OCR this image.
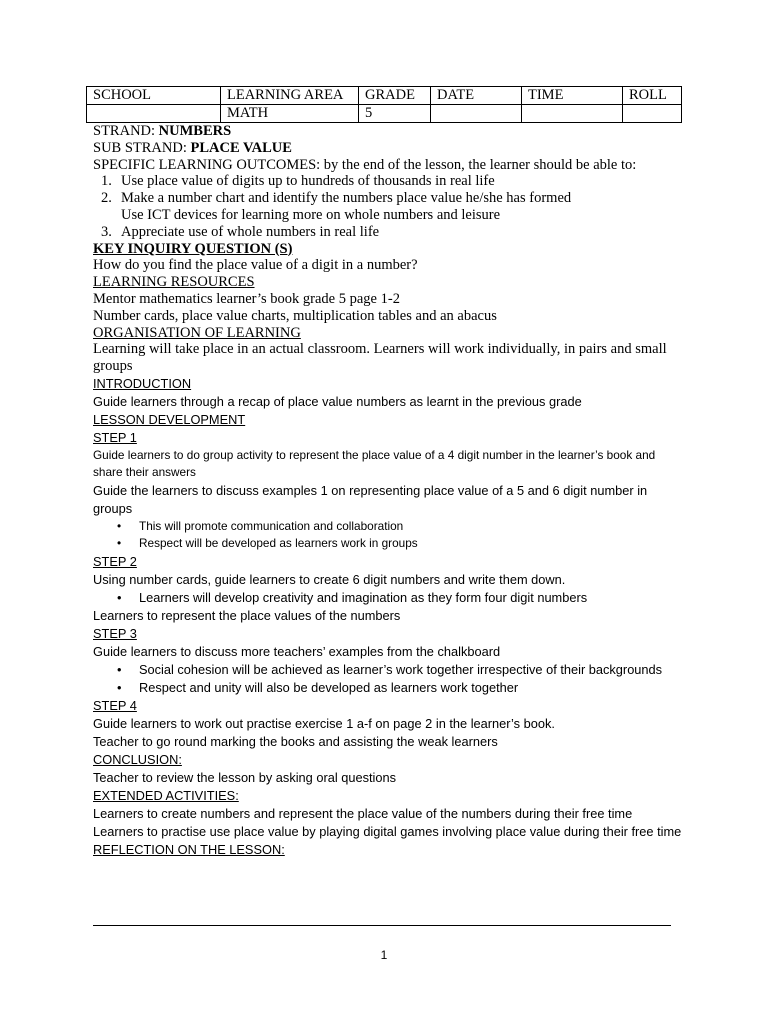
SCHOOL	LEARNING AREA	GRADE	DATE	TIME	ROLL
	MATH	5			

STRAND: NUMBERS

SUB STRAND: PLACE VALUE

SPECIFIC LEARNING OUTCOMES: by the end of the lesson, the learner should be able to:

1. Use place value of digits up to hundreds of thousands in real life
2. Make a number chart and identify the numbers place value he/she has formed
Use ICT devices for learning more on whole numbers and leisure
3. Appreciate use of whole numbers in real life

KEY INQUIRY QUESTION (S)

How do you find the place value of a digit in a number?

LEARNING RESOURCES

Mentor mathematics learner’s book grade 5 page 1-2

Number cards, place value charts, multiplication tables and an abacus

ORGANISATION OF LEARNING

Learning will take place in an actual classroom. Learners will work individually, in pairs and small groups

INTRODUCTION

Guide learners through a recap of place value numbers as learnt in the previous grade

LESSON DEVELOPMENT

STEP 1

Guide learners to do group activity to represent the place value of a 4 digit number in the learner’s book and share their answers

Guide the learners to discuss examples 1 on representing place value of a 5 and 6 digit number in groups

• This will promote communication and collaboration
• Respect will be developed as learners work in groups

STEP 2

Using number cards, guide learners to create 6 digit numbers and write them down.

• Learners will develop creativity and imagination as they form four digit numbers

Learners to represent the place values of the numbers

STEP 3

Guide learners to discuss more teachers’ examples from the chalkboard

• Social cohesion will be achieved as learner’s work together irrespective of their backgrounds
• Respect and unity will also be developed as learners work together

STEP 4

Guide learners to work out practise exercise 1 a-f on page 2 in the learner’s book.

Teacher to go round marking the books and assisting the weak learners

CONCLUSION:

Teacher to review the lesson by asking oral questions

EXTENDED ACTIVITIES:

Learners to create numbers and represent the place value of the numbers during their free time

Learners to practise use place value by playing digital games involving place value during their free time

REFLECTION ON THE LESSON:

1
